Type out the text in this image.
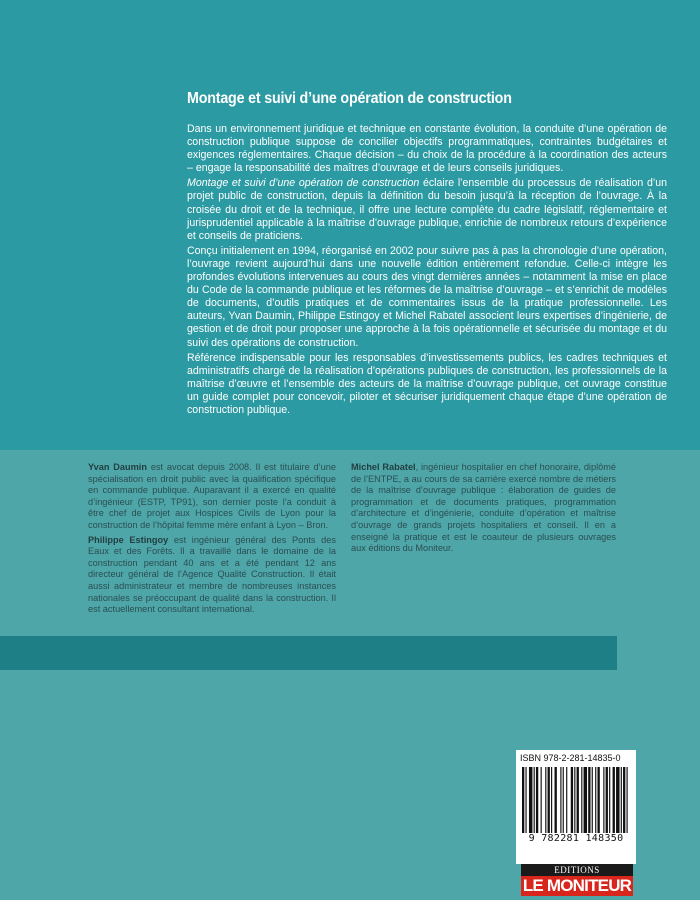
Montage et suivi d’une opération de construction

Dans un environnement juridique et technique en constante évolution, la conduite d’une opération de construction publique suppose de concilier objectifs programmatiques, contraintes budgétaires et exigences réglementaires. Chaque décision – du choix de la procédure à la coordination des acteurs – engage la responsabilité des maîtres d’ouvrage et de leurs conseils juridiques.

Montage et suivi d’une opération de construction éclaire l’ensemble du processus de réalisation d’un projet public de construction, depuis la définition du besoin jusqu’à la réception de l’ouvrage. À la croisée du droit et de la technique, il offre une lecture complète du cadre législatif, réglementaire et jurisprudentiel applicable à la maîtrise d’ouvrage publique, enrichie de nombreux retours d’expérience et conseils de praticiens.

Conçu initialement en 1994, réorganisé en 2002 pour suivre pas à pas la chronologie d’une opération, l’ouvrage revient aujourd’hui dans une nouvelle édition entièrement refondue. Celle-ci intègre les profondes évolutions intervenues au cours des vingt dernières années – notamment la mise en place du Code de la commande publique et les réformes de la maîtrise d’ouvrage – et s’enrichit de modèles de documents, d’outils pratiques et de commentaires issus de la pratique professionnelle. Les auteurs, Yvan Daumin, Philippe Estingoy et Michel Rabatel associent leurs expertises d’ingénierie, de gestion et de droit pour proposer une approche à la fois opérationnelle et sécurisée du montage et du suivi des opérations de construction.

Référence indispensable pour les responsables d’investissements publics, les cadres techniques et administratifs chargé de la réalisation d’opérations publiques de construction, les professionnels de la maîtrise d’œuvre et l’ensemble des acteurs de la maîtrise d’ouvrage publique, cet ouvrage constitue un guide complet pour concevoir, piloter et sécuriser juridiquement chaque étape d’une opération de construction publique.

Yvan Daumin est avocat depuis 2008. Il est titulaire d’une spécialisation en droit public avec la qualification spécifique en commande publique. Auparavant il a exercé en qualité d’ingénieur (ESTP, TP91), son dernier poste l’a conduit à être chef de projet aux Hospices Civils de Lyon pour la construction de l’hôpital femme mère enfant à Lyon – Bron.

Philippe Estingoy est ingénieur général des Ponts des Eaux et des Forêts. Il a travaillé dans le domaine de la construction pendant 40 ans et a été pendant 12 ans directeur général de l’Agence Qualité Construction. Il était aussi administrateur et membre de nombreuses instances nationales se préoccupant de qualité dans la construction. Il est actuellement consultant international.

Michel Rabatel, ingénieur hospitalier en chef honoraire, diplômé de l’ENTPE, a au cours de sa carrière exercé nombre de métiers de la maîtrise d’ouvrage publique : élaboration de guides de programmation et de documents pratiques, programmation d’architecture et d’ingénierie, conduite d’opération et maîtrise d’ouvrage de grands projets hospitaliers et conseil. Il en a enseigné la pratique et est le coauteur de plusieurs ouvrages aux éditions du Moniteur.

ISBN 978-2-281-14835-0
9 782281 148350
EDITIONS
LE MONITEUR
